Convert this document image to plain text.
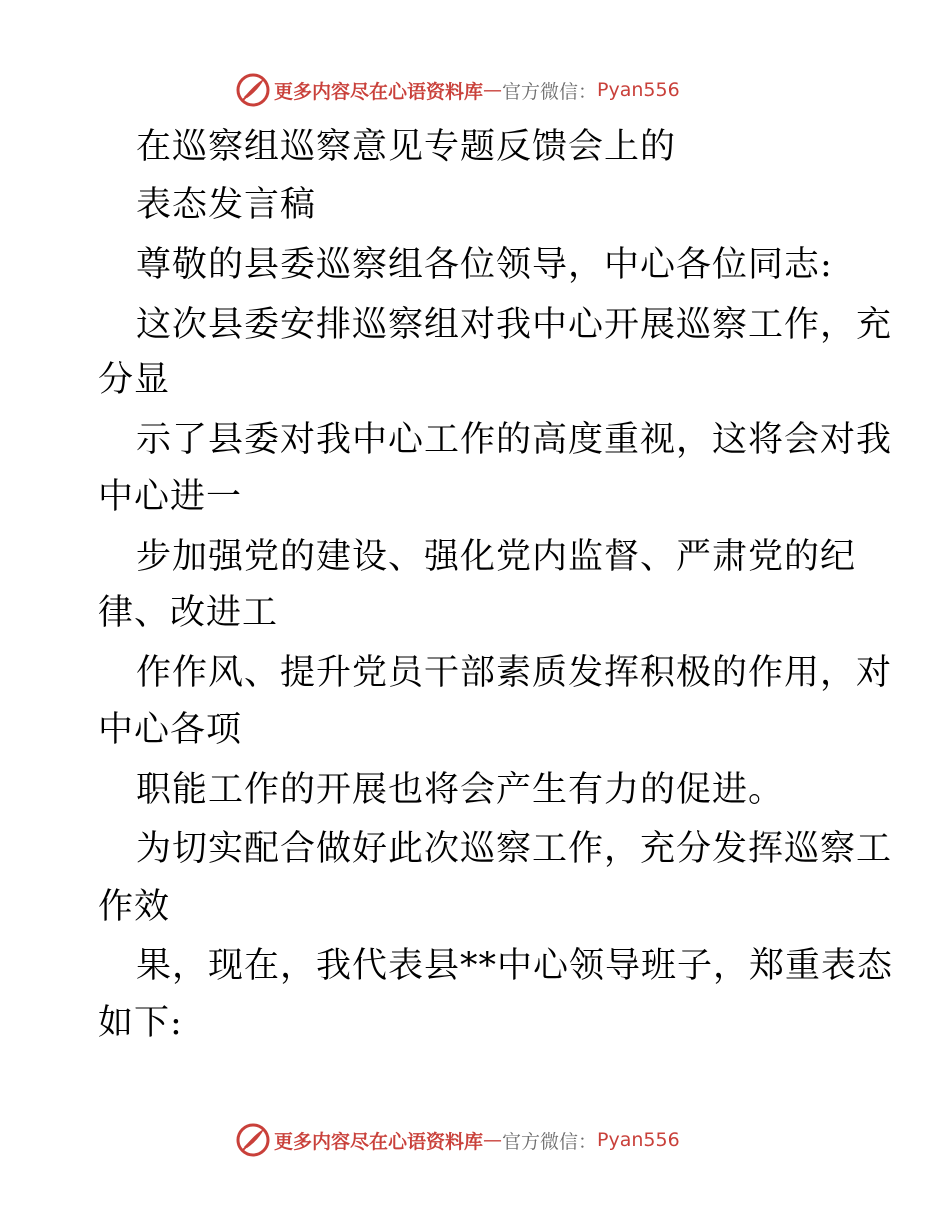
更多内容尽在心语资料库 — 官方微信： Pyan556
在巡察组巡察意见专题反馈会上的
表态发言稿
尊敬的县委巡察组各位领导，中心各位同志:
这次县委安排巡察组对我中心开展巡察工作，充
分显
示了县委对我中心工作的高度重视，这将会对我
中心进一
步加强党的建设、强化党内监督、严肃党的纪
律、改进工
作作风、提升党员干部素质发挥积极的作用，对
中心各项
职能工作的开展也将会产生有力的促进。
为切实配合做好此次巡察工作，充分发挥巡察工
作效
果，现在，我代表县**中心领导班子，郑重表态
如下:
更多内容尽在心语资料库 — 官方微信： Pyan556
